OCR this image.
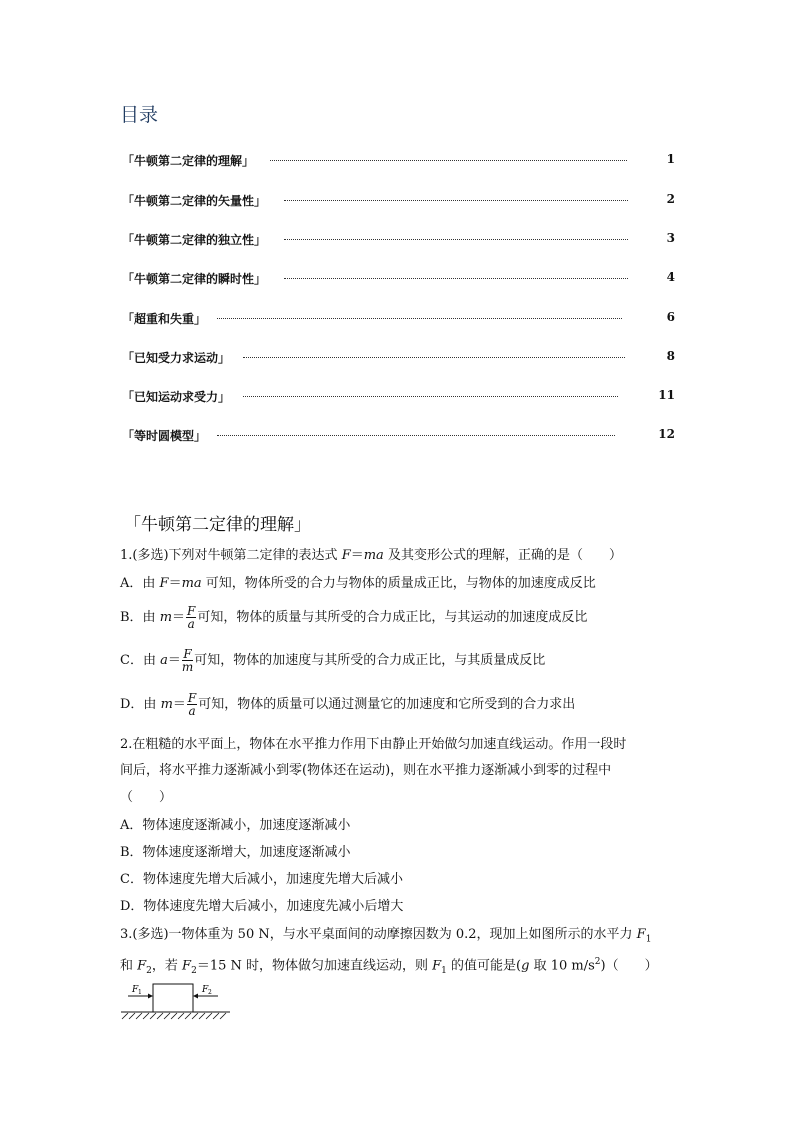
目录
「牛顿第二定律的理解」	1
「牛顿第二定律的矢量性」	2
「牛顿第二定律的独立性」	3
「牛顿第二定律的瞬时性」	4
「超重和失重」	6
「已知受力求运动」	8
「已知运动求受力」	11
「等时圆模型」	12
「牛顿第二定律的理解」
1.(多选)下列对牛顿第二定律的表达式 F＝ma 及其变形公式的理解，正确的是（　　）
A．由 F＝ma 可知，物体所受的合力与物体的质量成正比，与物体的加速度成反比
B．由 $m= \frac{F}{a}$ 可知，物体的质量与其所受的合力成正比，与其运动的加速度成反比
C．由 $a= \frac{F}{m}$ 可知，物体的加速度与其所受的合力成正比，与其质量成反比
D．由 $m= \frac{F}{a}$ 可知，物体的质量可以通过测量它的加速度和它所受到的合力求出
2.在粗糙的水平面上，物体在水平推力作用下由静止开始做匀加速直线运动。作用一段时
间后，将水平推力逐渐减小到零(物体还在运动)，则在水平推力逐渐减小到零的过程中
（　　）
A．物体速度逐渐减小，加速度逐渐减小
B．物体速度逐渐增大，加速度逐渐减小
C．物体速度先增大后减小，加速度先增大后减小
D．物体速度先增大后减小，加速度先减小后增大
3.(多选)一物体重为 50 N，与水平桌面间的动摩擦因数为 0.2，现加上如图所示的水平力 $F_1$
和 $F_2$，若 $F_2=15$ N 时，物体做匀加速直线运动，则 $F_1$ 的值可能是(g 取 10 $m/s^2$)（　　）
F 1	F 2
